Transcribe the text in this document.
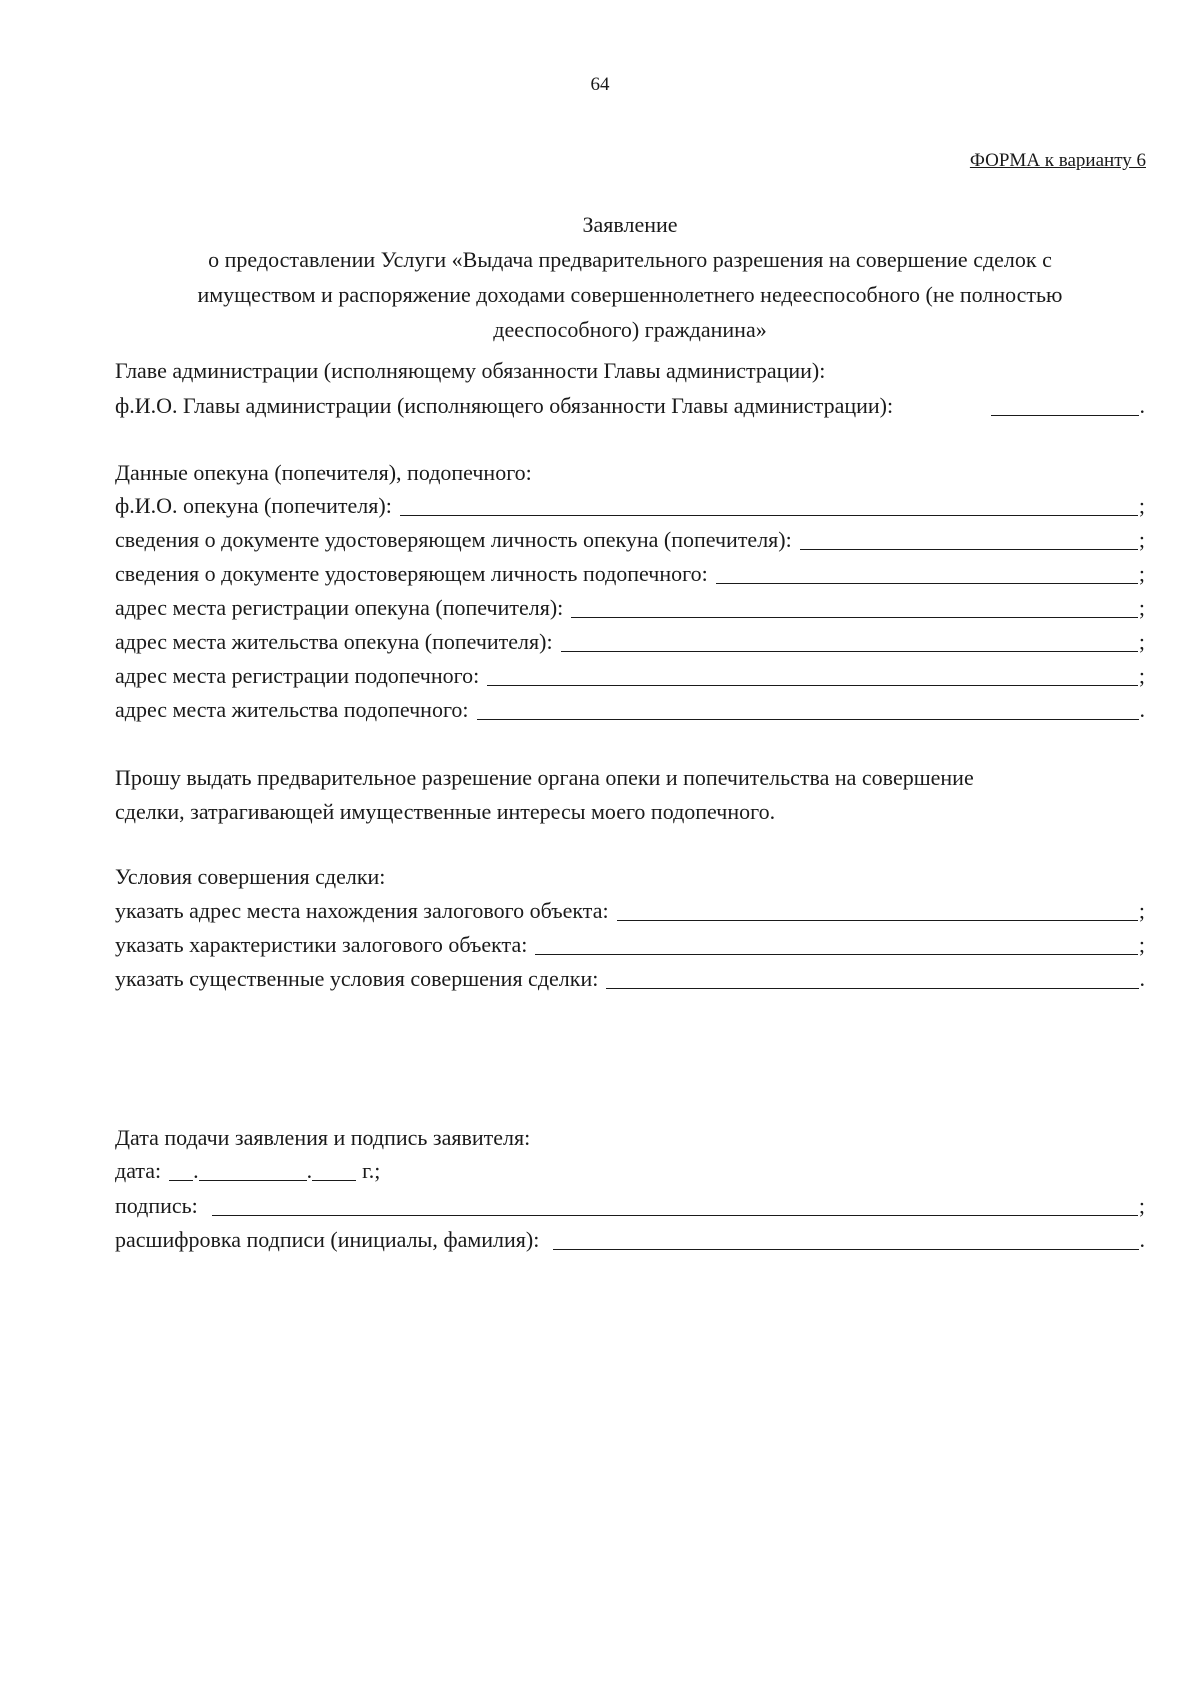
64
ФОРМА к варианту 6
Заявление
о предоставлении Услуги «Выдача предварительного разрешения на совершение сделок с
имуществом и распоряжение доходами совершеннолетнего недееспособного (не полностью
дееспособного) гражданина»
Главе администрации (исполняющему обязанности Главы администрации):
ф.И.О. Главы администрации (исполняющего обязанности Главы администрации):	.
Данные опекуна (попечителя), подопечного:
ф.И.О. опекуна (попечителя):	;
сведения о документе удостоверяющем личность опекуна (попечителя):	;
сведения о документе удостоверяющем личность подопечного:	;
адрес места регистрации опекуна (попечителя):	;
адрес места жительства опекуна (попечителя):	;
адрес места регистрации подопечного:	;
адрес места жительства подопечного:	.
Прошу выдать предварительное разрешение органа опеки и попечительства на совершение
сделки, затрагивающей имущественные интересы моего подопечного.
Условия совершения сделки:
указать адрес места нахождения залогового объекта:	;
указать характеристики залогового объекта:	;
указать существенные условия совершения сделки:	.
Дата подачи заявления и подпись заявителя:
дата: .	. г.;
подпись:	;
расшифровка подписи (инициалы, фамилия):	.
